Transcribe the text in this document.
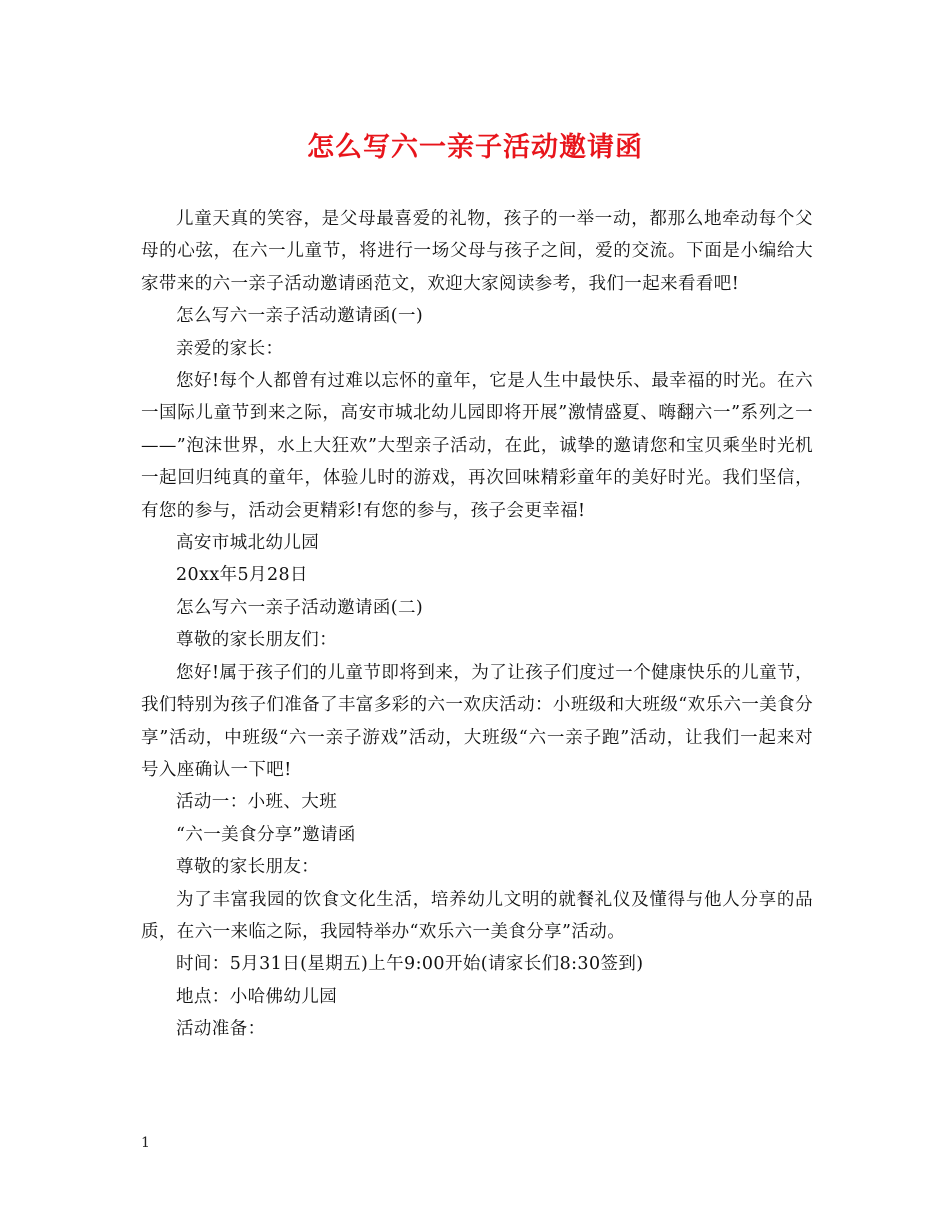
怎么写六一亲子活动邀请函

儿童天真的笑容，是父母最喜爱的礼物，孩子的一举一动，都那么地牵动每个父母的心弦，在六一儿童节，将进行一场父母与孩子之间，爱的交流。下面是小编给大家带来的六一亲子活动邀请函范文，欢迎大家阅读参考，我们一起来看看吧!

怎么写六一亲子活动邀请函(一)

亲爱的家长：

您好!每个人都曾有过难以忘怀的童年，它是人生中最快乐、最幸福的时光。在六一国际儿童节到来之际，高安市城北幼儿园即将开展”激情盛夏、嗨翻六一”系列之一——”泡沫世界，水上大狂欢”大型亲子活动，在此，诚挚的邀请您和宝贝乘坐时光机一起回归纯真的童年，体验儿时的游戏，再次回味精彩童年的美好时光。我们坚信，有您的参与，活动会更精彩!有您的参与，孩子会更幸福!

高安市城北幼儿园

20xx年5月28日

怎么写六一亲子活动邀请函(二)

尊敬的家长朋友们：

您好!属于孩子们的儿童节即将到来，为了让孩子们度过一个健康快乐的儿童节，我们特别为孩子们准备了丰富多彩的六一欢庆活动：小班级和大班级“欢乐六一美食分享”活动，中班级“六一亲子游戏”活动，大班级“六一亲子跑”活动，让我们一起来对号入座确认一下吧!

活动一：小班、大班

“六一美食分享”邀请函

尊敬的家长朋友：

为了丰富我园的饮食文化生活，培养幼儿文明的就餐礼仪及懂得与他人分享的品质，在六一来临之际，我园特举办“欢乐六一美食分享”活动。

时间：5月31日(星期五)上午9:00开始(请家长们8:30签到)

地点：小哈佛幼儿园

活动准备：

1
